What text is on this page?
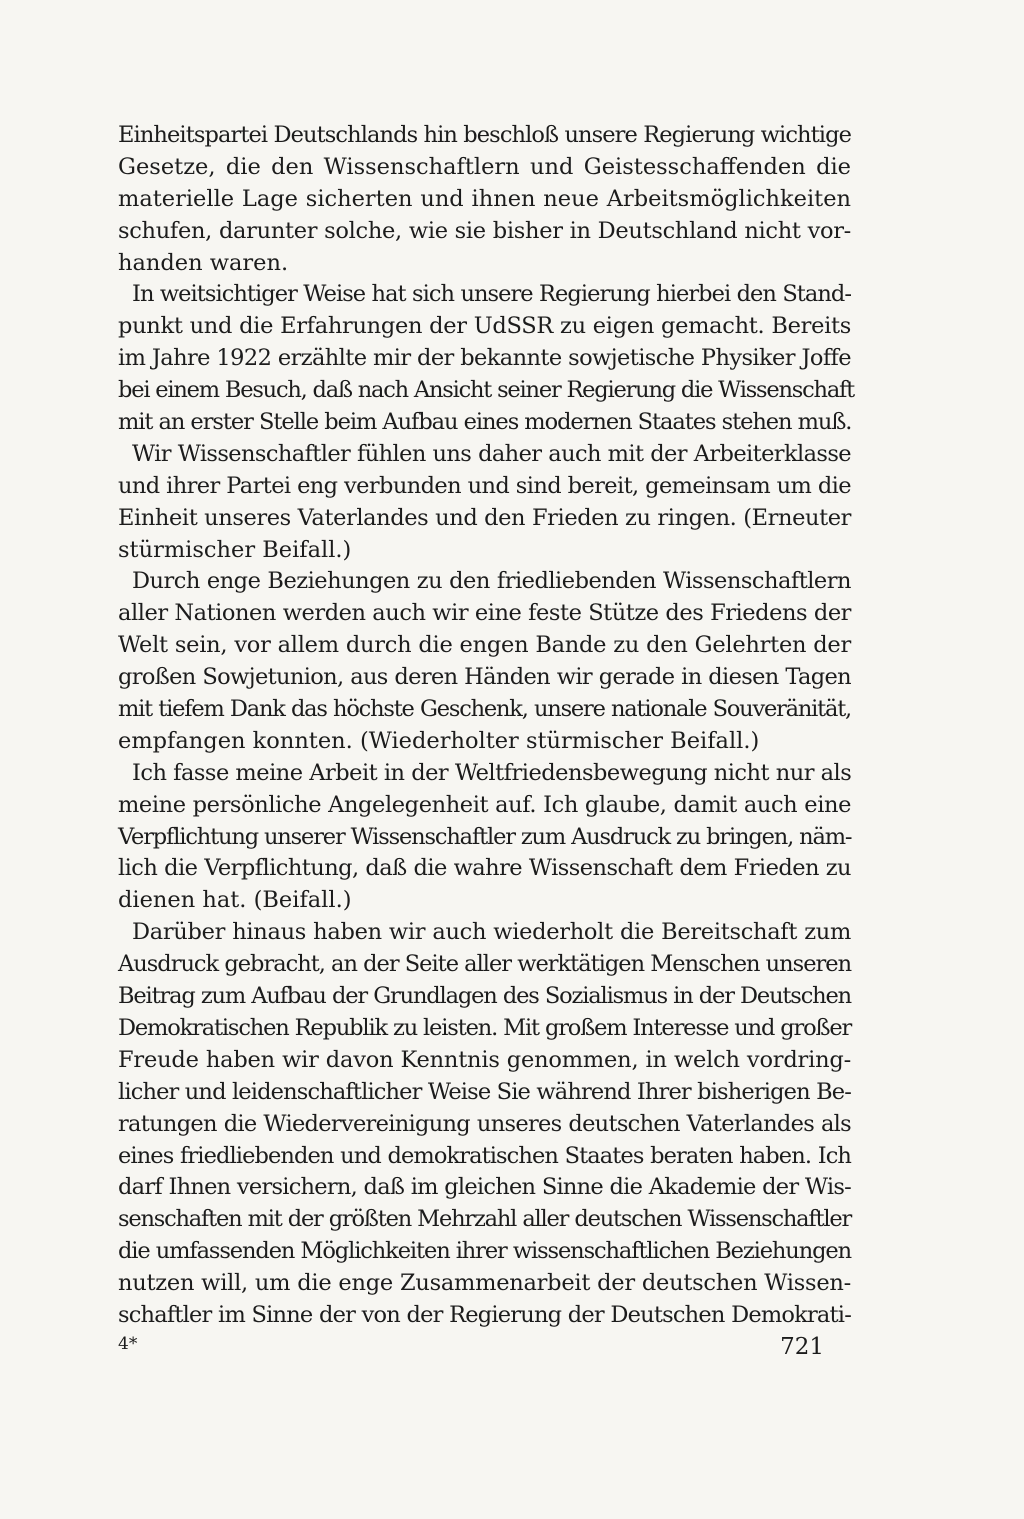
Einheitspartei Deutschlands hin beschloß unsere Regierung wichtige
Gesetze, die den Wissenschaftlern und Geistesschaffenden die
materielle Lage sicherten und ihnen neue Arbeitsmöglichkeiten
schufen, darunter solche, wie sie bisher in Deutschland nicht vor-
handen waren.
In weitsichtiger Weise hat sich unsere Regierung hierbei den Stand-
punkt und die Erfahrungen der UdSSR zu eigen gemacht. Bereits
im Jahre 1922 erzählte mir der bekannte sowjetische Physiker Joffe
bei einem Besuch, daß nach Ansicht seiner Regierung die Wissenschaft
mit an erster Stelle beim Aufbau eines modernen Staates stehen muß.
Wir Wissenschaftler fühlen uns daher auch mit der Arbeiterklasse
und ihrer Partei eng verbunden und sind bereit, gemeinsam um die
Einheit unseres Vaterlandes und den Frieden zu ringen. (Erneuter
stürmischer Beifall.)
Durch enge Beziehungen zu den friedliebenden Wissenschaftlern
aller Nationen werden auch wir eine feste Stütze des Friedens der
Welt sein, vor allem durch die engen Bande zu den Gelehrten der
großen Sowjetunion, aus deren Händen wir gerade in diesen Tagen
mit tiefem Dank das höchste Geschenk, unsere nationale Souveränität,
empfangen konnten. (Wiederholter stürmischer Beifall.)
Ich fasse meine Arbeit in der Weltfriedensbewegung nicht nur als
meine persönliche Angelegenheit auf. Ich glaube, damit auch eine
Verpflichtung unserer Wissenschaftler zum Ausdruck zu bringen, näm-
lich die Verpflichtung, daß die wahre Wissenschaft dem Frieden zu
dienen hat. (Beifall.)
Darüber hinaus haben wir auch wiederholt die Bereitschaft zum
Ausdruck gebracht, an der Seite aller werktätigen Menschen unseren
Beitrag zum Aufbau der Grundlagen des Sozialismus in der Deutschen
Demokratischen Republik zu leisten. Mit großem Interesse und großer
Freude haben wir davon Kenntnis genommen, in welch vordring-
licher und leidenschaftlicher Weise Sie während Ihrer bisherigen Be-
ratungen die Wiedervereinigung unseres deutschen Vaterlandes als
eines friedliebenden und demokratischen Staates beraten haben. Ich
darf Ihnen versichern, daß im gleichen Sinne die Akademie der Wis-
senschaften mit der größten Mehrzahl aller deutschen Wissenschaftler
die umfassenden Möglichkeiten ihrer wissenschaftlichen Beziehungen
nutzen will, um die enge Zusammenarbeit der deutschen Wissen-
schaftler im Sinne der von der Regierung der Deutschen Demokrati-
4*	721
